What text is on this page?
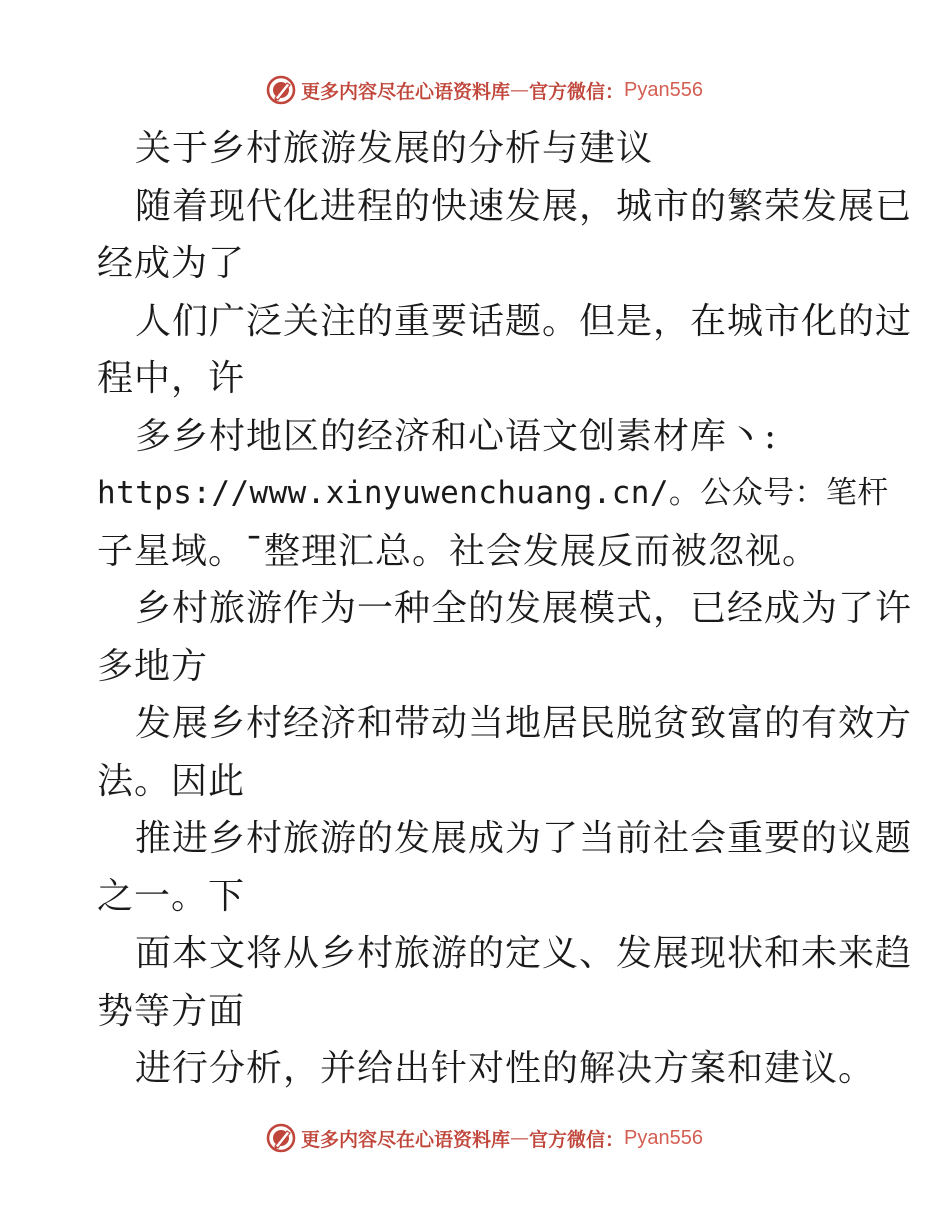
更多内容尽在心语资料库 — 官方微信： Pyan556
关于乡村旅游发展的分析与建议
随着现代化进程的快速发展，城市的繁荣发展已
经成为了
人们广泛关注的重要话题。但是，在城市化的过
程中，许
多乡村地区的经济和心语文创素材库丶:
https://www.xinyuwenchuang.cn/。公众号：笔杆
子星域。¯整理汇总。社会发展反而被忽视。
乡村旅游作为一种全的发展模式，已经成为了许
多地方
发展乡村经济和带动当地居民脱贫致富的有效方
法。因此
推进乡村旅游的发展成为了当前社会重要的议题
之一。下
面本文将从乡村旅游的定义、发展现状和未来趋
势等方面
进行分析，并给出针对性的解决方案和建议。
更多内容尽在心语资料库 — 官方微信： Pyan556
